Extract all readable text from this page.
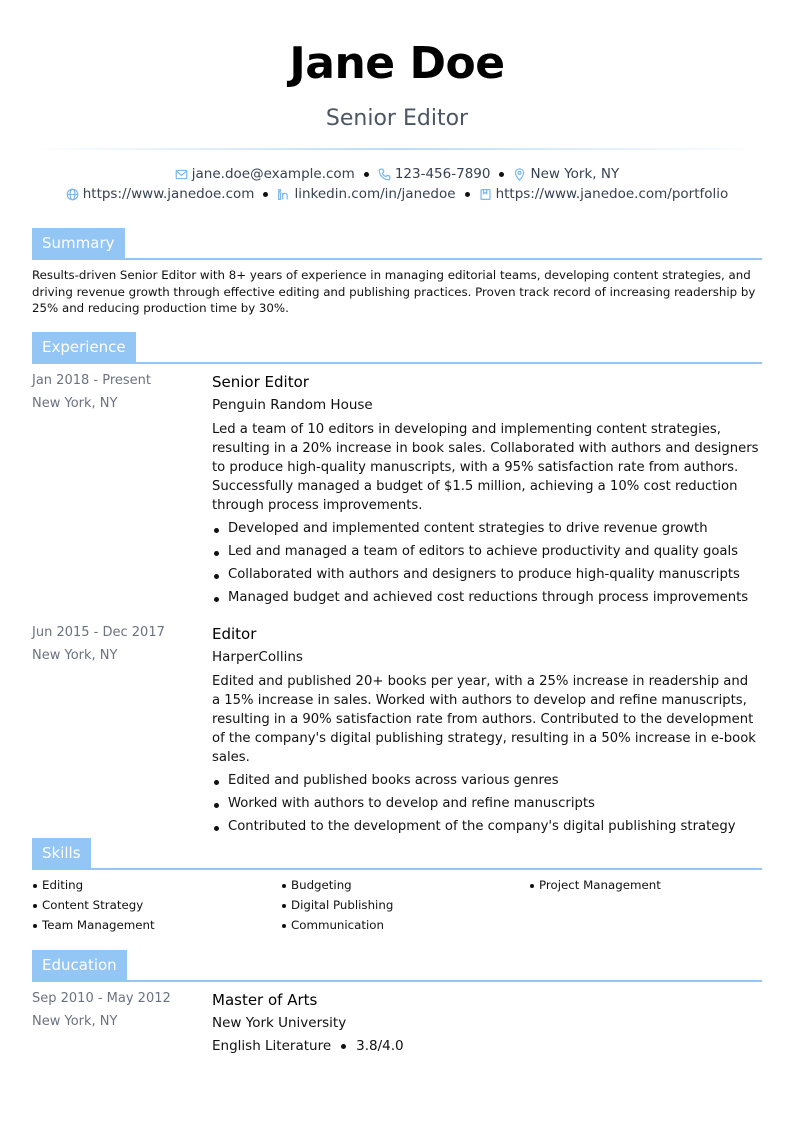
Jane Doe
Senior Editor
jane.doe@example.com	123-456-7890	New York, NY
https://www.janedoe.com	linkedin.com/in/janedoe	https://www.janedoe.com/portfolio
Summary
Results-driven Senior Editor with 8+ years of experience in managing editorial teams, developing content strategies, and driving revenue growth through effective editing and publishing practices. Proven track record of increasing readership by 25% and reducing production time by 30%.
Experience
Jan 2018 - Present
New York, NY
Senior Editor
Penguin Random House
Led a team of 10 editors in developing and implementing content strategies, resulting in a 20% increase in book sales. Collaborated with authors and designers to produce high-quality manuscripts, with a 95% satisfaction rate from authors. Successfully managed a budget of $1.5 million, achieving a 10% cost reduction through process improvements.
Developed and implemented content strategies to drive revenue growth
Led and managed a team of editors to achieve productivity and quality goals
Collaborated with authors and designers to produce high-quality manuscripts
Managed budget and achieved cost reductions through process improvements
Jun 2015 - Dec 2017
New York, NY
Editor
HarperCollins
Edited and published 20+ books per year, with a 25% increase in readership and a 15% increase in sales. Worked with authors to develop and refine manuscripts, resulting in a 90% satisfaction rate from authors. Contributed to the development of the company's digital publishing strategy, resulting in a 50% increase in e-book sales.
Edited and published books across various genres
Worked with authors to develop and refine manuscripts
Contributed to the development of the company's digital publishing strategy
Skills
Editing	Budgeting	Project Management
Content Strategy	Digital Publishing
Team Management	Communication
Education
Sep 2010 - May 2012
New York, NY
Master of Arts
New York University
English Literature 3.8/4.0
